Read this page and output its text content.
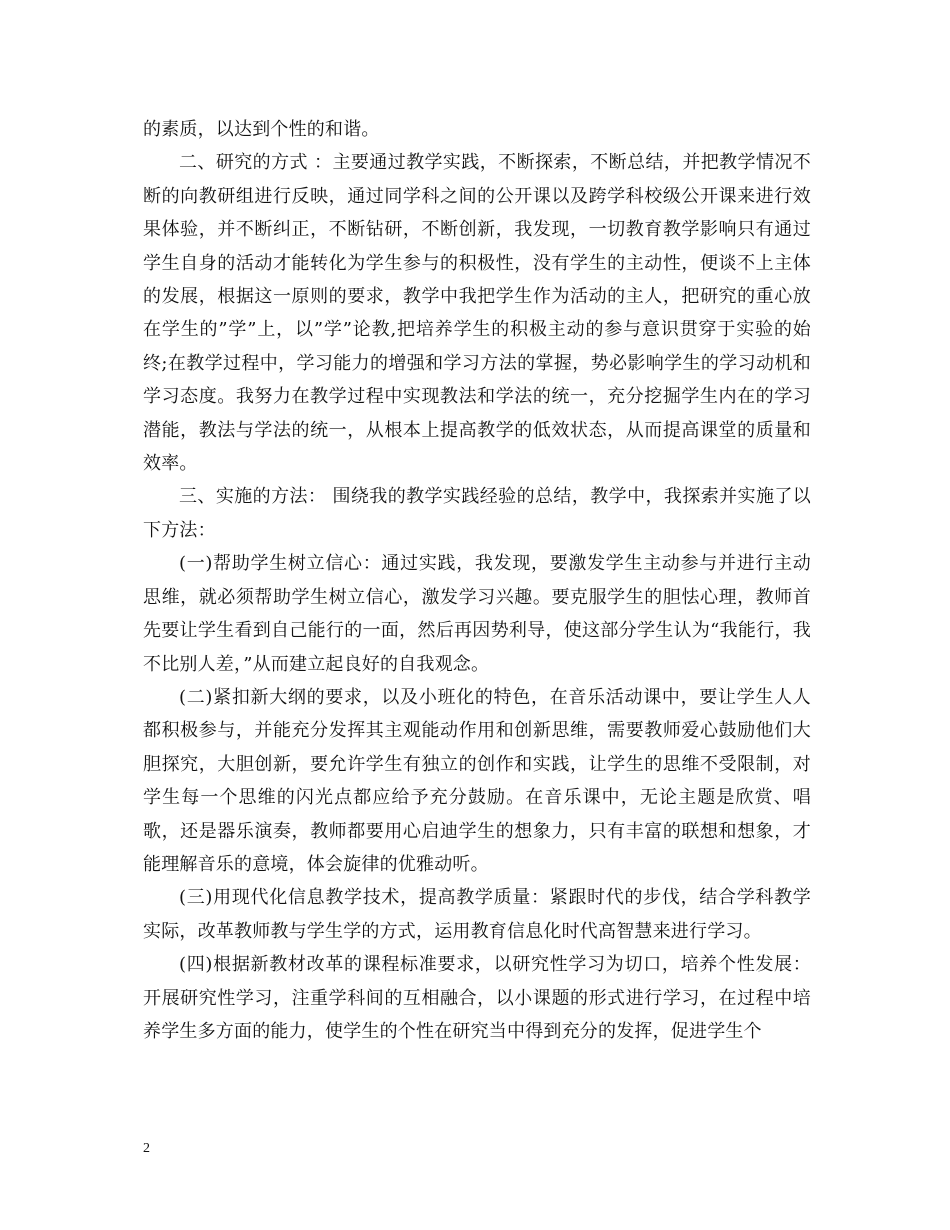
的素质，以达到个性的和谐。

二、研究的方式 ：主要通过教学实践，不断探索，不断总结，并把教学情况不断的向教研组进行反映，通过同学科之间的公开课以及跨学科校级公开课来进行效果体验，并不断纠正，不断钻研，不断创新，我发现，一切教育教学影响只有通过学生自身的活动才能转化为学生参与的积极性，没有学生的主动性，便谈不上主体的发展，根据这一原则的要求，教学中我把学生作为活动的主人，把研究的重心放在学生的”学”上，以”学”论教,把培养学生的积极主动的参与意识贯穿于实验的始终;在教学过程中，学习能力的增强和学习方法的掌握，势必影响学生的学习动机和学习态度。我努力在教学过程中实现教法和学法的统一，充分挖掘学生内在的学习潜能，教法与学法的统一，从根本上提高教学的低效状态，从而提高课堂的质量和效率。

三、实施的方法： 围绕我的教学实践经验的总结，教学中，我探索并实施了以下方法：

(一)帮助学生树立信心：通过实践，我发现，要激发学生主动参与并进行主动思维，就必须帮助学生树立信心，激发学习兴趣。要克服学生的胆怯心理，教师首先要让学生看到自己能行的一面，然后再因势利导，使这部分学生认为“我能行，我不比别人差，”从而建立起良好的自我观念。

(二)紧扣新大纲的要求，以及小班化的特色，在音乐活动课中，要让学生人人都积极参与，并能充分发挥其主观能动作用和创新思维，需要教师爱心鼓励他们大胆探究，大胆创新，要允许学生有独立的创作和实践，让学生的思维不受限制，对学生每一个思维的闪光点都应给予充分鼓励。在音乐课中，无论主题是欣赏、唱歌，还是器乐演奏，教师都要用心启迪学生的想象力，只有丰富的联想和想象，才能理解音乐的意境，体会旋律的优雅动听。

(三)用现代化信息教学技术，提高教学质量：紧跟时代的步伐，结合学科教学实际，改革教师教与学生学的方式，运用教育信息化时代高智慧来进行学习。

(四)根据新教材改革的课程标准要求，以研究性学习为切口，培养个性发展：开展研究性学习，注重学科间的互相融合，以小课题的形式进行学习，在过程中培养学生多方面的能力，使学生的个性在研究当中得到充分的发挥，促进学生个

2
